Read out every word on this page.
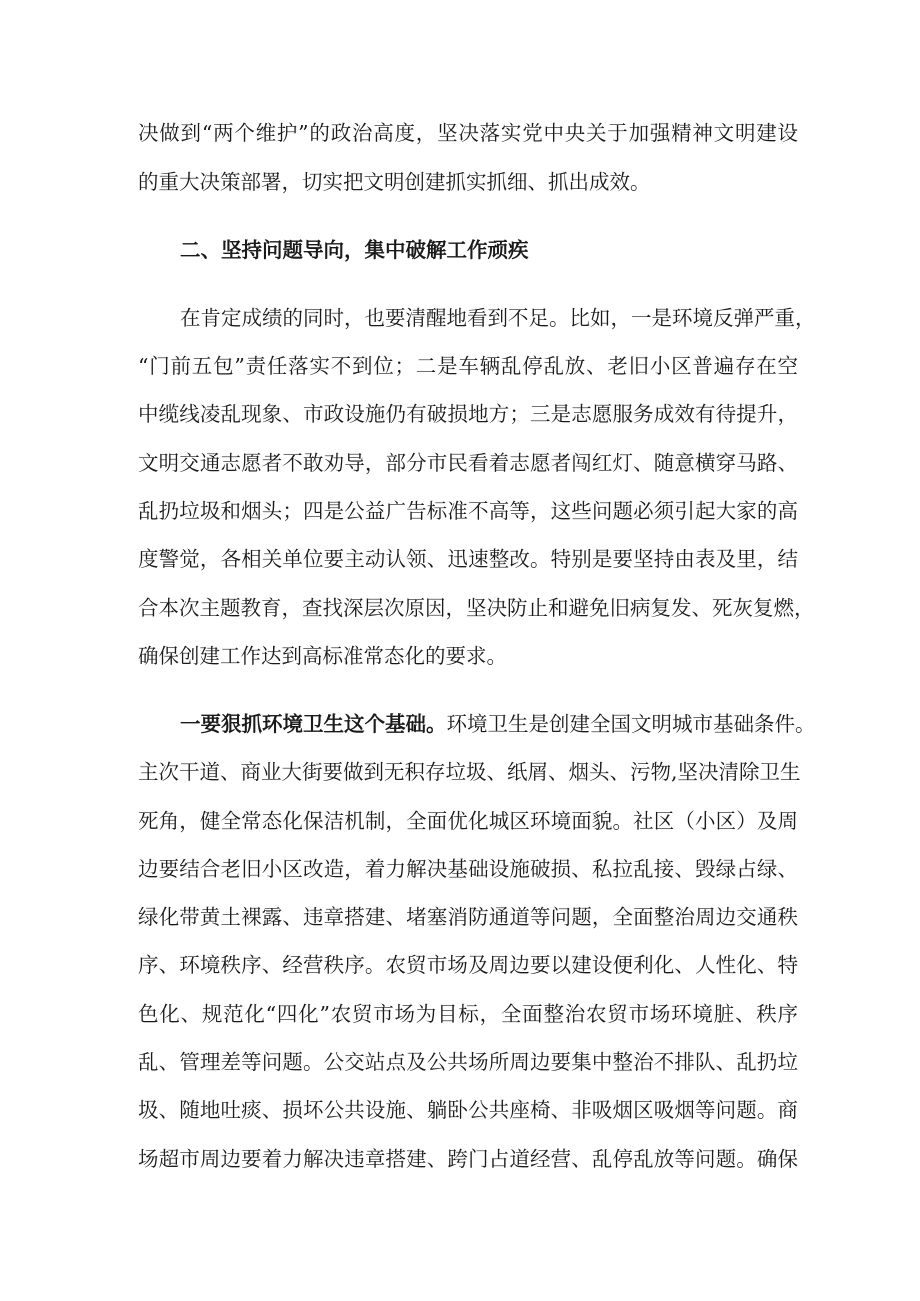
决做到“两个维护”的政治高度，坚决落实党中央关于加强精神文明建设
的重大决策部署，切实把文明创建抓实抓细、抓出成效。
二、坚持问题导向，集中破解工作顽疾
在肯定成绩的同时，也要清醒地看到不足。比如，一是环境反弹严重，
“门前五包”责任落实不到位；二是车辆乱停乱放、老旧小区普遍存在空
中缆线凌乱现象、市政设施仍有破损地方；三是志愿服务成效有待提升，
文明交通志愿者不敢劝导，部分市民看着志愿者闯红灯、随意横穿马路、
乱扔垃圾和烟头；四是公益广告标准不高等，这些问题必须引起大家的高
度警觉，各相关单位要主动认领、迅速整改。特别是要坚持由表及里，结
合本次主题教育，查找深层次原因，坚决防止和避免旧病复发、死灰复燃，
确保创建工作达到高标准常态化的要求。
一要狠抓环境卫生这个基础。环境卫生是创建全国文明城市基础条件。
主次干道、商业大街要做到无积存垃圾、纸屑、烟头、污物,坚决清除卫生
死角，健全常态化保洁机制，全面优化城区环境面貌。社区（小区）及周
边要结合老旧小区改造，着力解决基础设施破损、私拉乱接、毁绿占绿、
绿化带黄土裸露、违章搭建、堵塞消防通道等问题，全面整治周边交通秩
序、环境秩序、经营秩序。农贸市场及周边要以建设便利化、人性化、特
色化、规范化“四化”农贸市场为目标，全面整治农贸市场环境脏、秩序
乱、管理差等问题。公交站点及公共场所周边要集中整治不排队、乱扔垃
圾、随地吐痰、损坏公共设施、躺卧公共座椅、非吸烟区吸烟等问题。商
场超市周边要着力解决违章搭建、跨门占道经营、乱停乱放等问题。确保
